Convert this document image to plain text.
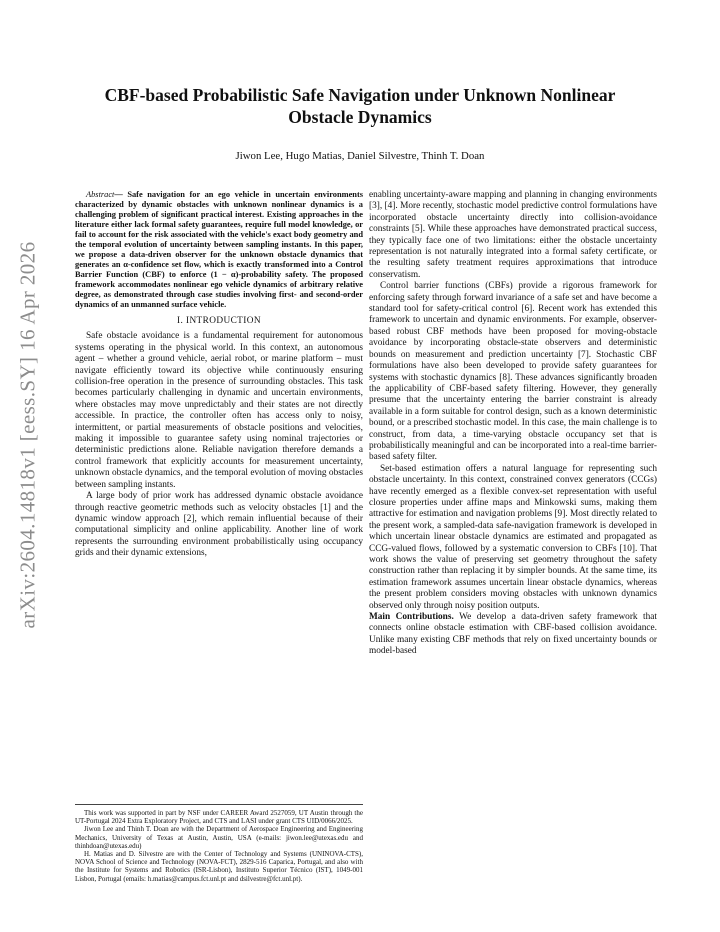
arXiv:2604.14818v1 [eess.SY] 16 Apr 2026
CBF-based Probabilistic Safe Navigation under Unknown Nonlinear Obstacle Dynamics
Jiwon Lee, Hugo Matias, Daniel Silvestre, Thinh T. Doan

Abstract— Safe navigation for an ego vehicle in uncertain environments characterized by dynamic obstacles with unknown nonlinear dynamics is a challenging problem of significant practical interest. Existing approaches in the literature either lack formal safety guarantees, require full model knowledge, or fail to account for the risk associated with the vehicle's exact body geometry and the temporal evolution of uncertainty between sampling instants. In this paper, we propose a data-driven observer for the unknown obstacle dynamics that generates an α-confidence set flow, which is exactly transformed into a Control Barrier Function (CBF) to enforce (1 − α)-probability safety. The proposed framework accommodates nonlinear ego vehicle dynamics of arbitrary relative degree, as demonstrated through case studies involving first- and second-order dynamics of an unmanned surface vehicle.

I. INTRODUCTION

Safe obstacle avoidance is a fundamental requirement for autonomous systems operating in the physical world. In this context, an autonomous agent – whether a ground vehicle, aerial robot, or marine platform – must navigate efficiently toward its objective while continuously ensuring collision-free operation in the presence of surrounding obstacles. This task becomes particularly challenging in dynamic and uncertain environments, where obstacles may move unpredictably and their states are not directly accessible. In practice, the controller often has access only to noisy, intermittent, or partial measurements of obstacle positions and velocities, making it impossible to guarantee safety using nominal trajectories or deterministic predictions alone. Reliable navigation therefore demands a control framework that explicitly accounts for measurement uncertainty, unknown obstacle dynamics, and the temporal evolution of moving obstacles between sampling instants.

A large body of prior work has addressed dynamic obstacle avoidance through reactive geometric methods such as velocity obstacles [1] and the dynamic window approach [2], which remain influential because of their computational simplicity and online applicability. Another line of work represents the surrounding environment probabilistically using occupancy grids and their dynamic extensions,

This work was supported in part by NSF under CAREER Award 2527059, UT Austin through the UT-Portugal 2024 Extra Exploratory Project, and CTS and LASI under grant CTS UID/0066/2025.

Jiwon Lee and Thinh T. Doan are with the Department of Aerospace Engineering and Engineering Mechanics, University of Texas at Austin, Austin, USA (e-mails: jiwon.lee@utexas.edu and thinhdoan@utexas.edu)

H. Matias and D. Silvestre are with the Center of Technology and Systems (UNINOVA-CTS), NOVA School of Science and Technology (NOVA-FCT), 2829-516 Caparica, Portugal, and also with the Institute for Systems and Robotics (ISR-Lisbon), Instituto Superior Técnico (IST), 1049-001 Lisbon, Portugal (emails: h.matias@campus.fct.unl.pt and dsilvestre@fct.unl.pt).

enabling uncertainty-aware mapping and planning in changing environments [3], [4]. More recently, stochastic model predictive control formulations have incorporated obstacle uncertainty directly into collision-avoidance constraints [5]. While these approaches have demonstrated practical success, they typically face one of two limitations: either the obstacle uncertainty representation is not naturally integrated into a formal safety certificate, or the resulting safety treatment requires approximations that introduce conservatism.

Control barrier functions (CBFs) provide a rigorous framework for enforcing safety through forward invariance of a safe set and have become a standard tool for safety-critical control [6]. Recent work has extended this framework to uncertain and dynamic environments. For example, observer-based robust CBF methods have been proposed for moving-obstacle avoidance by incorporating obstacle-state observers and deterministic bounds on measurement and prediction uncertainty [7]. Stochastic CBF formulations have also been developed to provide safety guarantees for systems with stochastic dynamics [8]. These advances significantly broaden the applicability of CBF-based safety filtering. However, they generally presume that the uncertainty entering the barrier constraint is already available in a form suitable for control design, such as a known deterministic bound, or a prescribed stochastic model. In this case, the main challenge is to construct, from data, a time-varying obstacle occupancy set that is probabilistically meaningful and can be incorporated into a real-time barrier-based safety filter.

Set-based estimation offers a natural language for representing such obstacle uncertainty. In this context, constrained convex generators (CCGs) have recently emerged as a flexible convex-set representation with useful closure properties under affine maps and Minkowski sums, making them attractive for estimation and navigation problems [9]. Most directly related to the present work, a sampled-data safe-navigation framework is developed in which uncertain linear obstacle dynamics are estimated and propagated as CCG-valued flows, followed by a systematic conversion to CBFs [10]. That work shows the value of preserving set geometry throughout the safety construction rather than replacing it by simpler bounds. At the same time, its estimation framework assumes uncertain linear obstacle dynamics, whereas the present problem considers moving obstacles with unknown dynamics observed only through noisy position outputs.

Main Contributions. We develop a data-driven safety framework that connects online obstacle estimation with CBF-based collision avoidance. Unlike many existing CBF methods that rely on fixed uncertainty bounds or model-based
